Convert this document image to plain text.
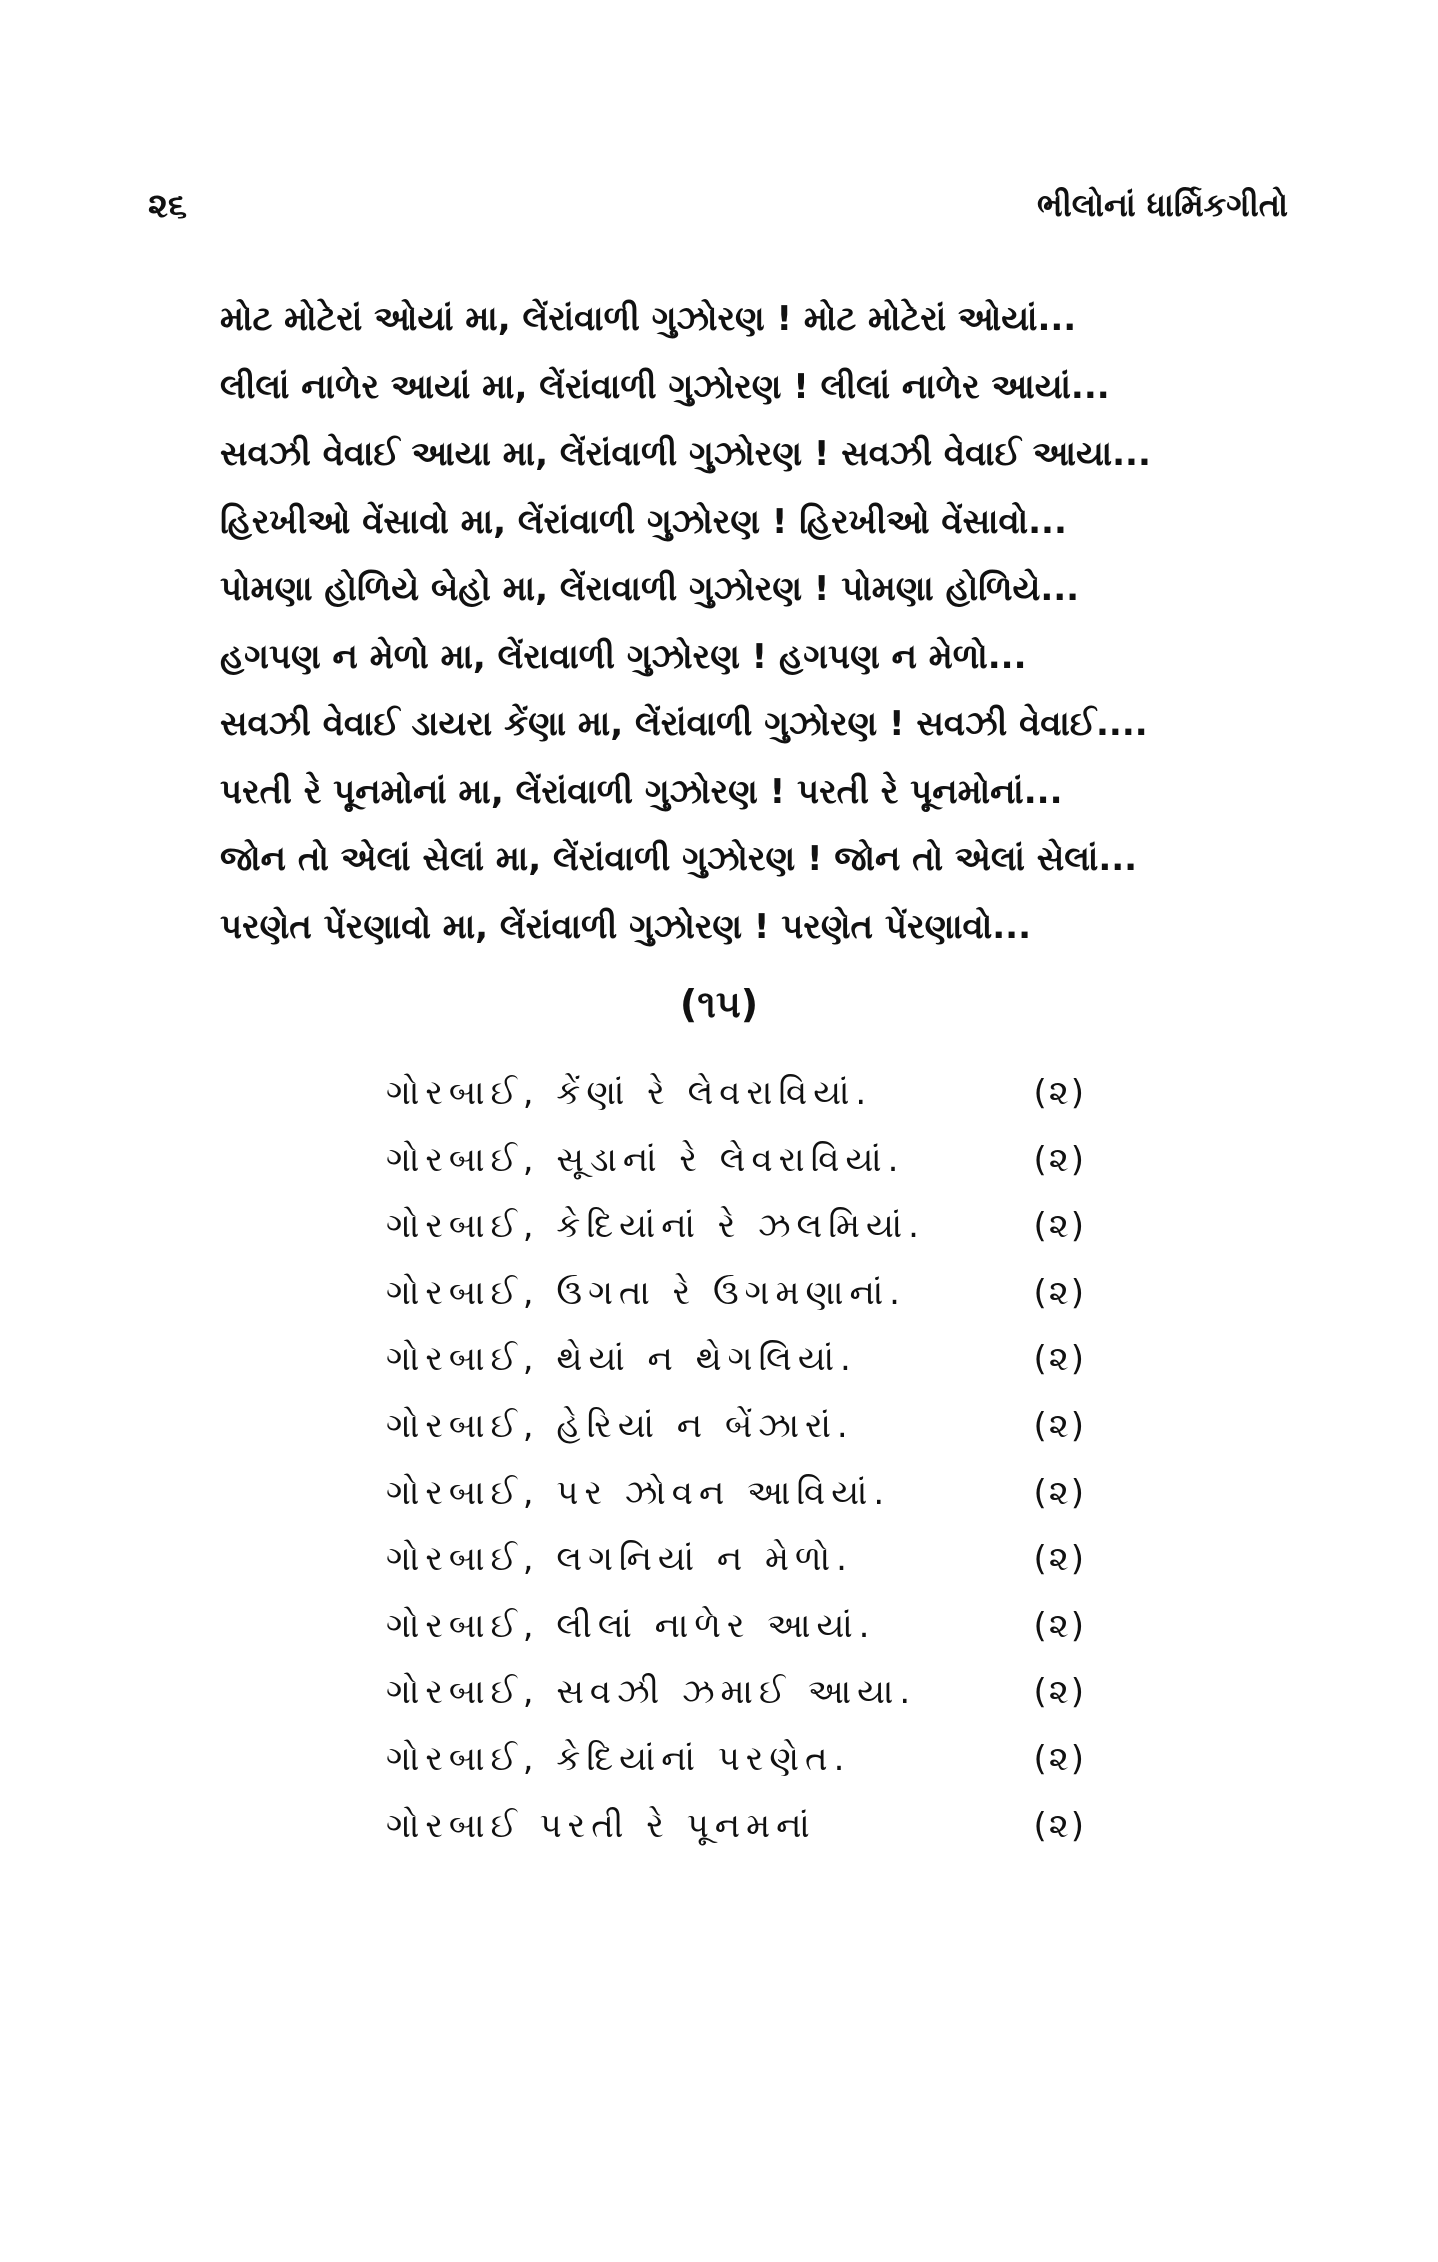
૨૬	ભીલોનાં ધાર્મિકગીતો
મોટ મોટેરાં ઓયાં મા, લેંરાંવાળી ગુઝોરણ ! મોટ મોટેરાં ઓયાં...
લીલાં નાળેર આયાં મા, લેંરાંવાળી ગુઝોરણ ! લીલાં નાળેર આયાં...
સવઝી વેવાઈ આયા મા, લેંરાંવાળી ગુઝોરણ ! સવઝી વેવાઈ આયા...
હિરખીઓ વેંસાવો મા, લેંરાંવાળી ગુઝોરણ ! હિરખીઓ વેંસાવો...
પોમણા હોળિયે બેહો મા, લેંરાવાળી ગુઝોરણ ! પોમણા હોળિયે...
હગપણ ન મેળો મા, લેંરાવાળી ગુઝોરણ ! હગપણ ન મેળો...
સવઝી વેવાઈ ડાયરા કેંણા મા, લેંરાંવાળી ગુઝોરણ ! સવઝી વેવાઈ....
પરતી રે પૂનમોનાં મા, લેંરાંવાળી ગુઝોરણ ! પરતી રે પૂનમોનાં...
જોન તો એલાં સેલાં મા, લેંરાંવાળી ગુઝોરણ ! જોન તો એલાં સેલાં...
પરણેત પેંરણાવો મા, લેંરાંવાળી ગુઝોરણ ! પરણેત પેંરણાવો...
(૧૫)
ગોરબાઈ, કેંણાં રે લેવરાવિયાં.	(૨)
ગોરબાઈ, સૂડાનાં રે લેવરાવિયાં.	(૨)
ગોરબાઈ, કેદિયાંનાં રે ઝલમિયાં.	(૨)
ગોરબાઈ, ઉગતા રે ઉગમણાનાં.	(૨)
ગોરબાઈ, થેયાં ન થેગલિયાં.	(૨)
ગોરબાઈ, હેરિયાં ન બેંઝારાં.	(૨)
ગોરબાઈ, પર ઝોવન આવિયાં.	(૨)
ગોરબાઈ, લગનિયાં ન મેળો.	(૨)
ગોરબાઈ, લીલાં નાળેર આયાં.	(૨)
ગોરબાઈ, સવઝી ઝમાઈ આયા.	(૨)
ગોરબાઈ, કેદિયાંનાં પરણેત.	(૨)
ગોરબાઈ પરતી રે પૂનમનાં	(૨)
